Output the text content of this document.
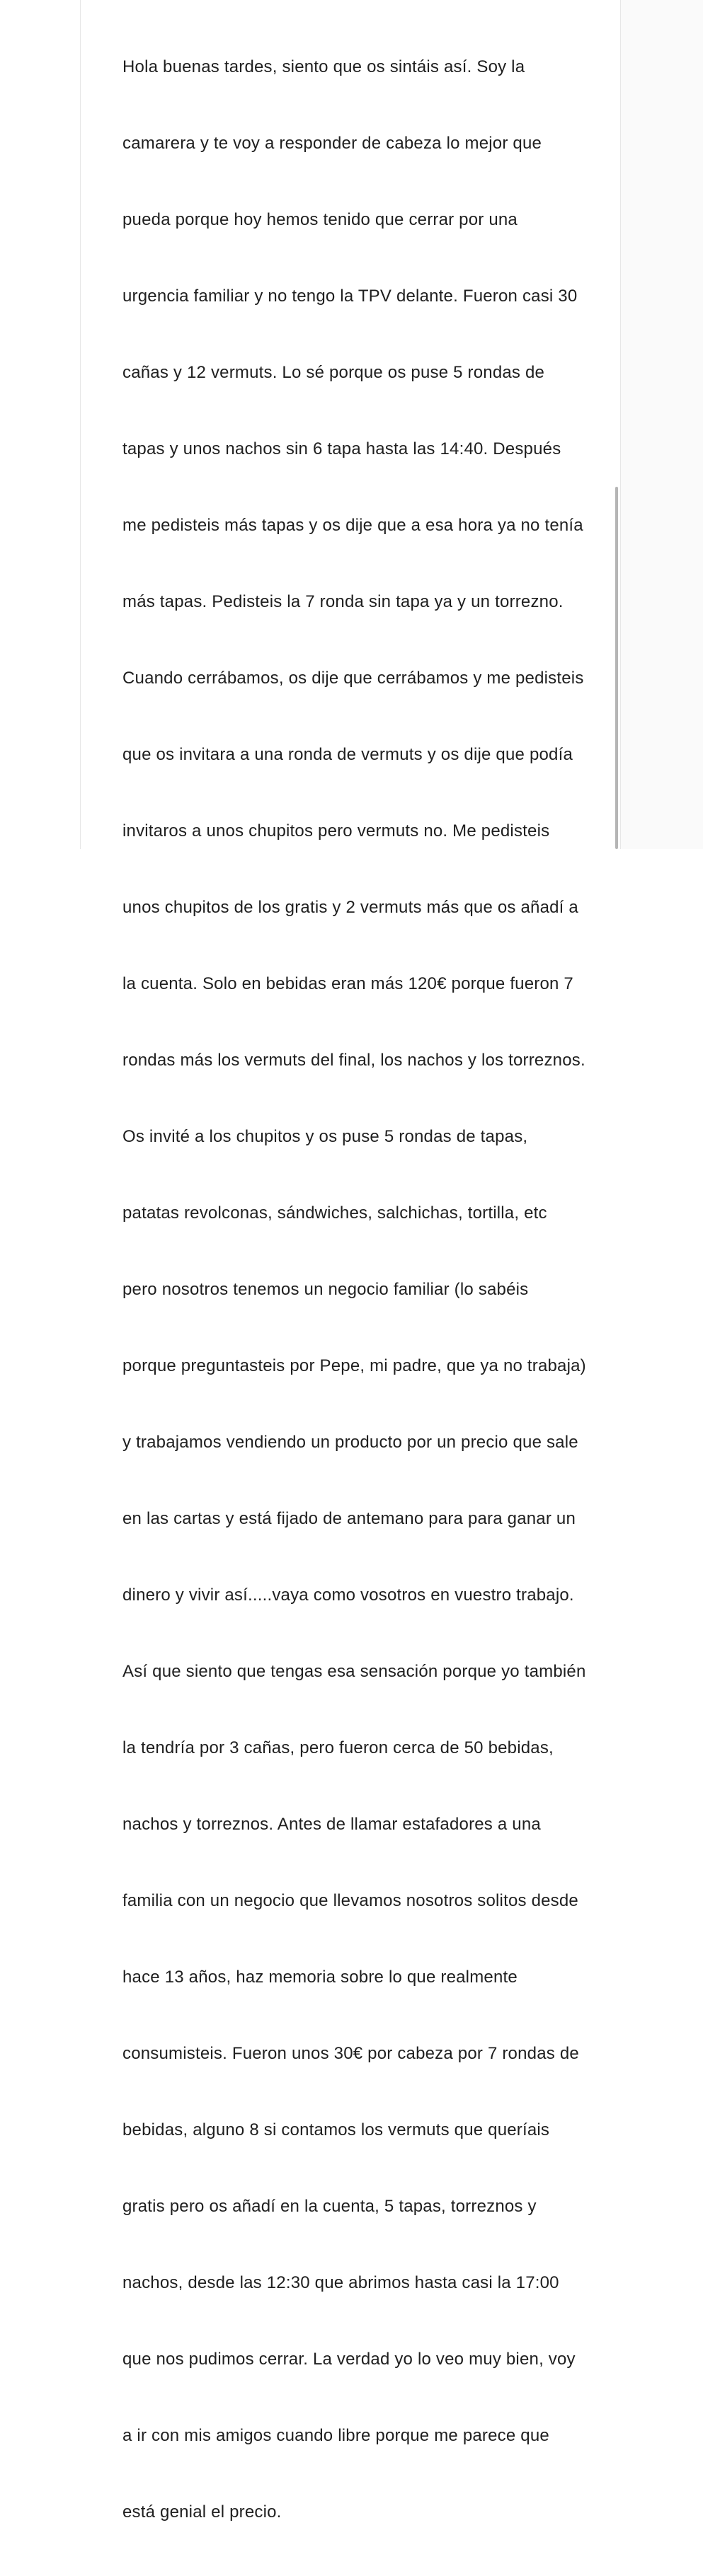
Hola buenas tardes, siento que os sintáis así. Soy la

camarera y te voy a responder de cabeza lo mejor que

pueda porque hoy hemos tenido que cerrar por una

urgencia familiar y no tengo la TPV delante. Fueron casi 30

cañas y 12 vermuts. Lo sé porque os puse 5 rondas de

tapas y unos nachos sin 6 tapa hasta las 14:40. Después

me pedisteis más tapas y os dije que a esa hora ya no tenía

más tapas. Pedisteis la 7 ronda sin tapa ya y un torrezno.

Cuando cerrábamos, os dije que cerrábamos y me pedisteis

que os invitara a una ronda de vermuts y os dije que podía

invitaros a unos chupitos pero vermuts no. Me pedisteis

unos chupitos de los gratis y 2 vermuts más que os añadí a

la cuenta. Solo en bebidas eran más 120€ porque fueron 7

rondas más los vermuts del final, los nachos y los torreznos.

Os invité a los chupitos y os puse 5 rondas de tapas,

patatas revolconas, sándwiches, salchichas, tortilla, etc

pero nosotros tenemos un negocio familiar (lo sabéis

porque preguntasteis por Pepe, mi padre, que ya no trabaja)

y trabajamos vendiendo un producto por un precio que sale

en las cartas y está fijado de antemano para para ganar un

dinero y vivir así.....vaya como vosotros en vuestro trabajo.

Así que siento que tengas esa sensación porque yo también

la tendría por 3 cañas, pero fueron cerca de 50 bebidas,

nachos y torreznos. Antes de llamar estafadores a una

familia con un negocio que llevamos nosotros solitos desde

hace 13 años, haz memoria sobre lo que realmente

consumisteis. Fueron unos 30€ por cabeza por 7 rondas de

bebidas, alguno 8 si contamos los vermuts que queríais

gratis pero os añadí en la cuenta, 5 tapas, torreznos y

nachos, desde las 12:30 que abrimos hasta casi la 17:00

que nos pudimos cerrar. La verdad yo lo veo muy bien, voy

a ir con mis amigos cuando libre porque me parece que

está genial el precio.
